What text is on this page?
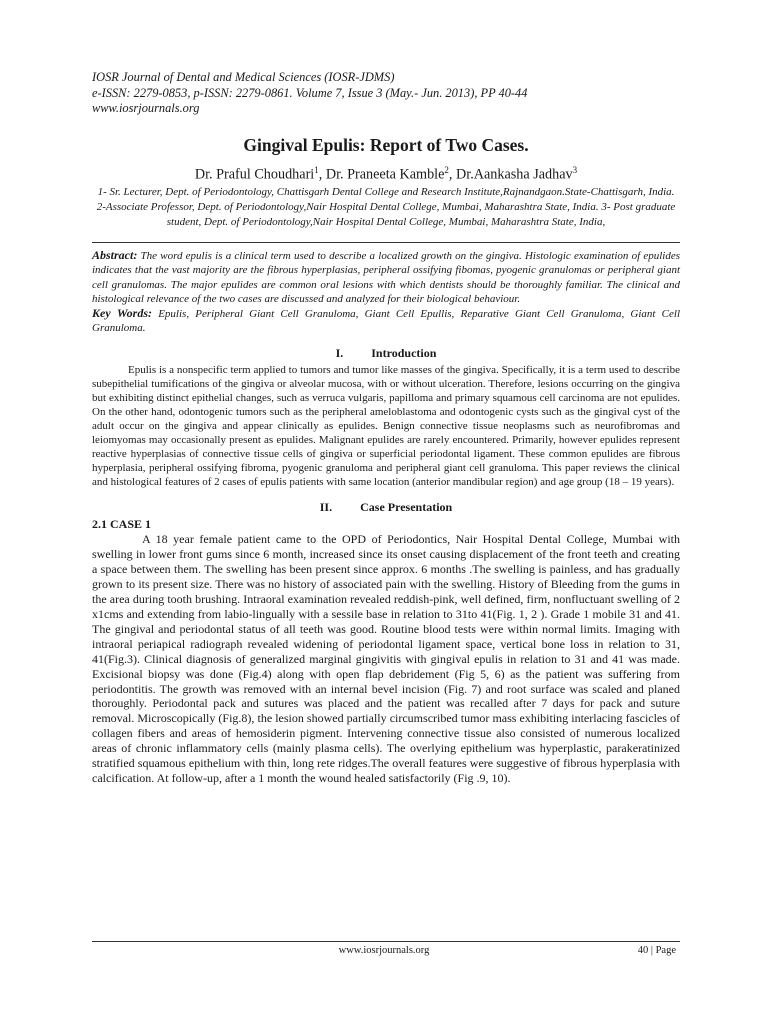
IOSR Journal of Dental and Medical Sciences (IOSR-JDMS)
e-ISSN: 2279-0853, p-ISSN: 2279-0861. Volume 7, Issue 3 (May.- Jun. 2013), PP 40-44
www.iosrjournals.org
Gingival Epulis: Report of Two Cases.
Dr. Praful Choudhari$^1$, Dr. Praneeta Kamble$^2$, Dr.Aankasha Jadhav$^3$
1- Sr. Lecturer, Dept. of Periodontology, Chattisgarh Dental College and Research Institute,Rajnandgaon.State-Chattisgarh, India. 2-Associate Professor, Dept. of Periodontology,Nair Hospital Dental College, Mumbai, Maharashtra State, India. 3- Post graduate student, Dept. of Periodontology,Nair Hospital Dental College, Mumbai, Maharashtra State, India,
Abstract: The word epulis is a clinical term used to describe a localized growth on the gingiva. Histologic examination of epulides indicates that the vast majority are the fibrous hyperplasias, peripheral ossifying fibomas, pyogenic granulomas or peripheral giant cell granulomas. The major epulides are common oral lesions with which dentists should be thoroughly familiar. The clinical and histological relevance of the two cases are discussed and analyzed for their biological behaviour.
Key Words: Epulis, Peripheral Giant Cell Granuloma, Giant Cell Epullis, Reparative Giant Cell Granuloma, Giant Cell Granuloma.
I. Introduction
Epulis is a nonspecific term applied to tumors and tumor like masses of the gingiva. Specifically, it is a term used to describe subepithelial tumifications of the gingiva or alveolar mucosa, with or without ulceration. Therefore, lesions occurring on the gingiva but exhibiting distinct epithelial changes, such as verruca vulgaris, papilloma and primary squamous cell carcinoma are not epulides. On the other hand, odontogenic tumors such as the peripheral ameloblastoma and odontogenic cysts such as the gingival cyst of the adult occur on the gingiva and appear clinically as epulides. Benign connective tissue neoplasms such as neurofibromas and leiomyomas may occasionally present as epulides. Malignant epulides are rarely encountered. Primarily, however epulides represent reactive hyperplasias of connective tissue cells of gingiva or superficial periodontal ligament. These common epulides are fibrous hyperplasia, peripheral ossifying fibroma, pyogenic granuloma and peripheral giant cell granuloma. This paper reviews the clinical and histological features of 2 cases of epulis patients with same location (anterior mandibular region) and age group (18 – 19 years).
II. Case Presentation
2.1 CASE 1
A 18 year female patient came to the OPD of Periodontics, Nair Hospital Dental College, Mumbai with swelling in lower front gums since 6 month, increased since its onset causing displacement of the front teeth and creating a space between them. The swelling has been present since approx. 6 months .The swelling is painless, and has gradually grown to its present size. There was no history of associated pain with the swelling. History of Bleeding from the gums in the area during tooth brushing. Intraoral examination revealed reddish-pink, well defined, firm, nonfluctuant swelling of 2 x1cms and extending from labio-lingually with a sessile base in relation to 31to 41(Fig. 1, 2 ). Grade 1 mobile 31 and 41. The gingival and periodontal status of all teeth was good. Routine blood tests were within normal limits. Imaging with intraoral periapical radiograph revealed widening of periodontal ligament space, vertical bone loss in relation to 31, 41(Fig.3). Clinical diagnosis of generalized marginal gingivitis with gingival epulis in relation to 31 and 41 was made. Excisional biopsy was done (Fig.4) along with open flap debridement (Fig 5, 6) as the patient was suffering from periodontitis. The growth was removed with an internal bevel incision (Fig. 7) and root surface was scaled and planed thoroughly. Periodontal pack and sutures was placed and the patient was recalled after 7 days for pack and suture removal. Microscopically (Fig.8), the lesion showed partially circumscribed tumor mass exhibiting interlacing fascicles of collagen fibers and areas of hemosiderin pigment. Intervening connective tissue also consisted of numerous localized areas of chronic inflammatory cells (mainly plasma cells). The overlying epithelium was hyperplastic, parakeratinized stratified squamous epithelium with thin, long rete ridges.The overall features were suggestive of fibrous hyperplasia with calcification. At follow-up, after a 1 month the wound healed satisfactorily (Fig .9, 10).
www.iosrjournals.org	40 | Page
